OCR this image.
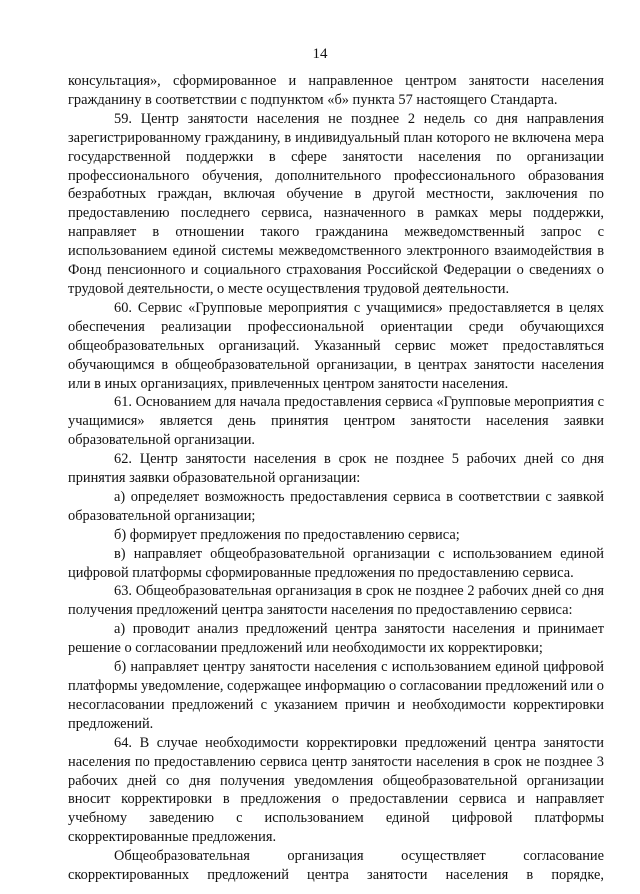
14

консультация», сформированное и направленное центром занятости населения гражданину в соответствии с подпунктом «б» пункта 57 настоящего Стандарта.

59. Центр занятости населения не позднее 2 недель со дня направления зарегистрированному гражданину, в индивидуальный план которого не включена мера государственной поддержки в сфере занятости населения по организации профессионального обучения, дополнительного профессионального образования безработных граждан, включая обучение в другой местности, заключения по предоставлению последнего сервиса, назначенного в рамках меры поддержки, направляет в отношении такого гражданина межведомственный запрос с использованием единой системы межведомственного электронного взаимодействия в Фонд пенсионного и социального страхования Российской Федерации о сведениях о трудовой деятельности, о месте осуществления трудовой деятельности.

60. Сервис «Групповые мероприятия с учащимися» предоставляется в целях обеспечения реализации профессиональной ориентации среди обучающихся общеобразовательных организаций. Указанный сервис может предоставляться обучающимся в общеобразовательной организации, в центрах занятости населения или в иных организациях, привлеченных центром занятости населения.

61. Основанием для начала предоставления сервиса «Групповые мероприятия с учащимися» является день принятия центром занятости населения заявки образовательной организации.

62. Центр занятости населения в срок не позднее 5 рабочих дней со дня принятия заявки образовательной организации:

а) определяет возможность предоставления сервиса в соответствии с заявкой образовательной организации;

б) формирует предложения по предоставлению сервиса;

в) направляет общеобразовательной организации с использованием единой цифровой платформы сформированные предложения по предоставлению сервиса.

63. Общеобразовательная организация в срок не позднее 2 рабочих дней со дня получения предложений центра занятости населения по предоставлению сервиса:

а) проводит анализ предложений центра занятости населения и принимает решение о согласовании предложений или необходимости их корректировки;

б) направляет центру занятости населения с использованием единой цифровой платформы уведомление, содержащее информацию о согласовании предложений или о несогласовании предложений с указанием причин и необходимости корректировки предложений.

64. В случае необходимости корректировки предложений центра занятости населения по предоставлению сервиса центр занятости населения в срок не позднее 3 рабочих дней со дня получения уведомления общеобразовательной организации вносит корректировки в предложения о предоставлении сервиса и направляет учебному заведению с использованием единой цифровой платформы скорректированные предложения.

Общеобразовательная организация осуществляет согласование скорректированных предложений центра занятости населения в порядке,
